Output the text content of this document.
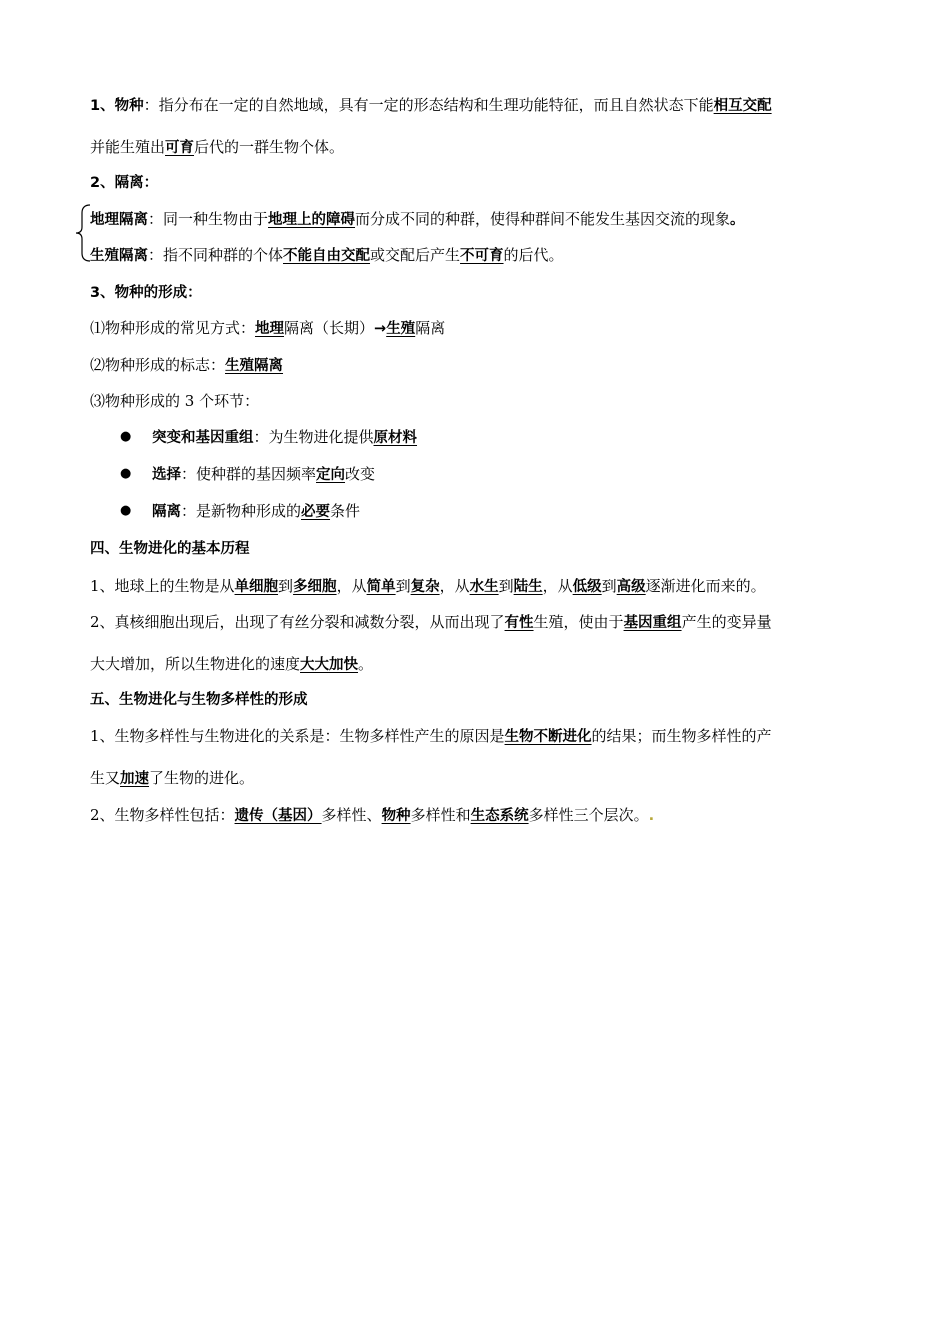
1、物种：指分布在一定的自然地域，具有一定的形态结构和生理功能特征，而且自然状态下能相互交配
并能生殖出可育后代的一群生物个体。
2、隔离：
地理隔离：同一种生物由于地理上的障碍而分成不同的种群，使得种群间不能发生基因交流的现象。
生殖隔离：指不同种群的个体不能自由交配或交配后产生不可育的后代。
3、物种的形成：
⑴物种形成的常见方式：地理隔离（长期）→生殖隔离
⑵物种形成的标志：生殖隔离
⑶物种形成的 3 个环节：
● 突变和基因重组：为生物进化提供原材料
● 选择：使种群的基因频率定向改变
● 隔离：是新物种形成的必要条件
四、生物进化的基本历程
1、地球上的生物是从单细胞到多细胞，从简单到复杂，从水生到陆生，从低级到高级逐渐进化而来的。
2、真核细胞出现后，出现了有丝分裂和减数分裂，从而出现了有性生殖，使由于基因重组产生的变异量
大大增加，所以生物进化的速度大大加快。
五、生物进化与生物多样性的形成
1、生物多样性与生物进化的关系是：生物多样性产生的原因是生物不断进化的结果；而生物多样性的产
生又加速了生物的进化。
2、生物多样性包括：遗传（基因）多样性、物种多样性和生态系统多样性三个层次。.
